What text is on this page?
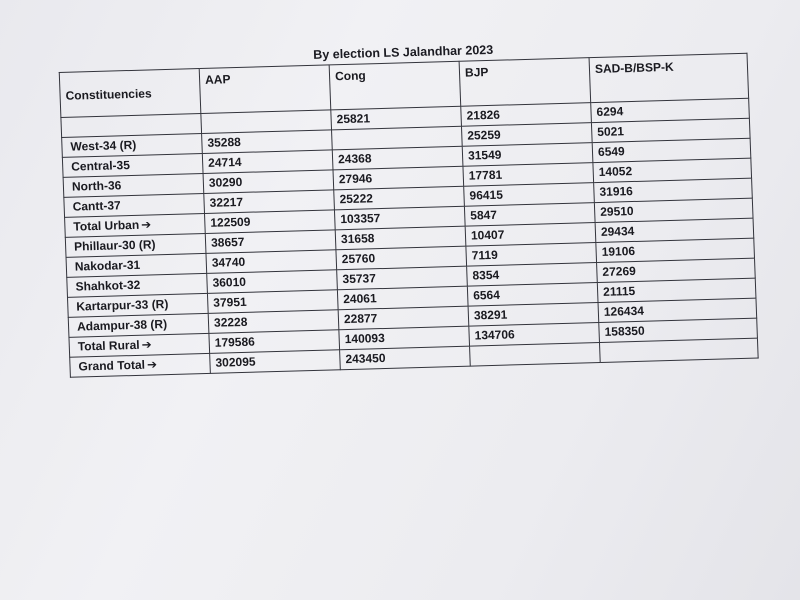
By election LS Jalandhar 2023
Constituencies	AAP	Cong	BJP	SAD-B/BSP-K
		25821	21826	6294
West-34 (R)	35288		25259	5021
Central-35	24714	24368	31549	6549
North-36	30290	27946	17781	14052
Cantt-37	32217	25222	96415	31916
Total Urban➔	122509	103357	5847	29510
Phillaur-30 (R)	38657	31658	10407	29434
Nakodar-31	34740	25760	7119	19106
Shahkot-32	36010	35737	8354	27269
Kartarpur-33 (R)	37951	24061	6564	21115
Adampur-38 (R)	32228	22877	38291	126434
Total Rural➔	179586	140093	134706	158350
Grand Total➔	302095	243450		
